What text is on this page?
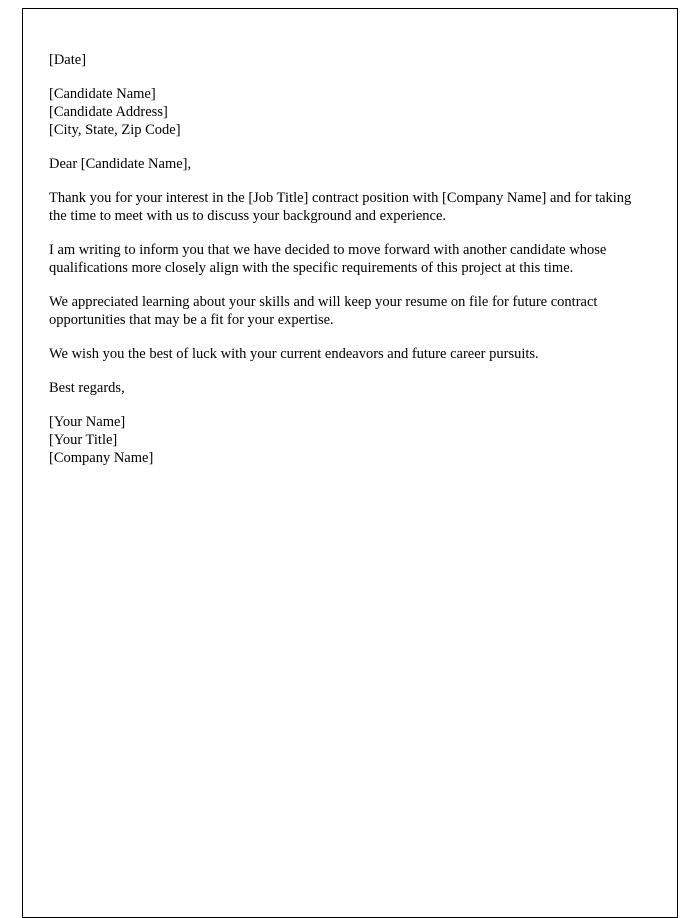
[Date]

[Candidate Name]
[Candidate Address]
[City, State, Zip Code]

Dear [Candidate Name],

Thank you for your interest in the [Job Title] contract position with [Company Name] and for taking the time to meet with us to discuss your background and experience.

I am writing to inform you that we have decided to move forward with another candidate whose qualifications more closely align with the specific requirements of this project at this time.

We appreciated learning about your skills and will keep your resume on file for future contract opportunities that may be a fit for your expertise.

We wish you the best of luck with your current endeavors and future career pursuits.

Best regards,

[Your Name]
[Your Title]
[Company Name]
